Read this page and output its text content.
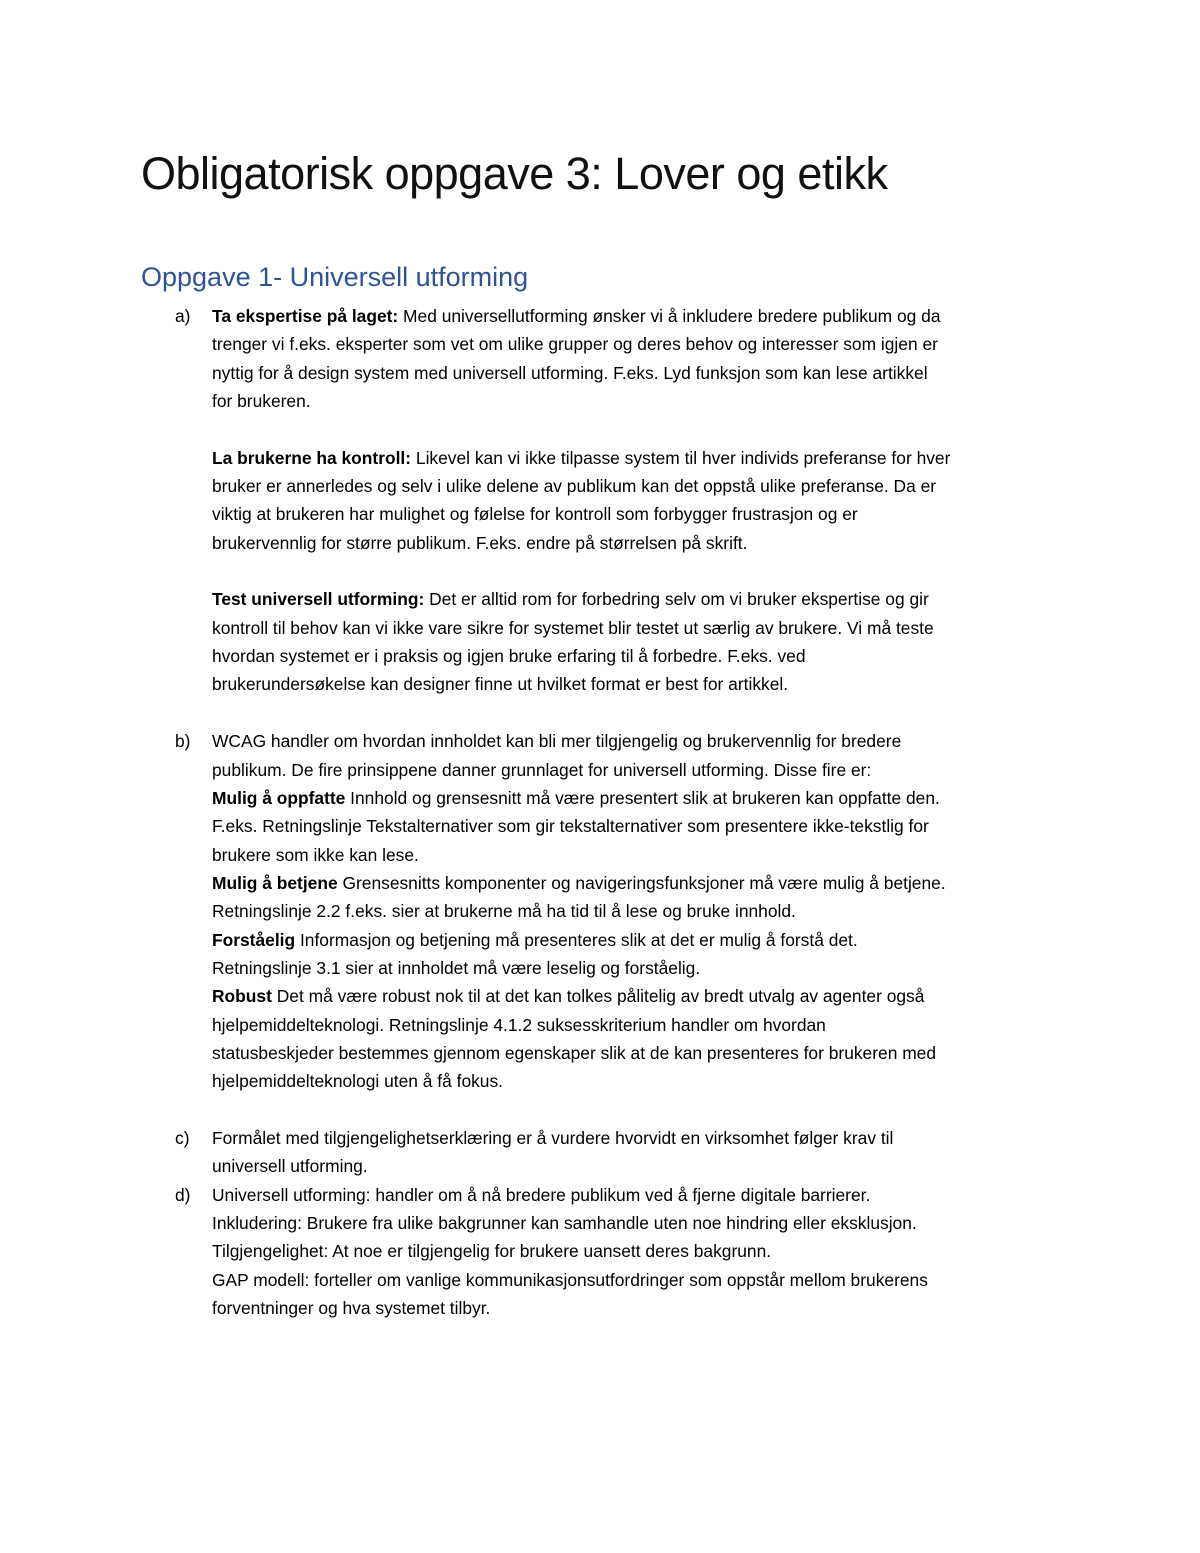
Obligatorisk oppgave 3: Lover og etikk
Oppgave 1- Universell utforming
a) Ta ekspertise på laget: Med universellutforming ønsker vi å inkludere bredere publikum og da
trenger vi f.eks. eksperter som vet om ulike grupper og deres behov og interesser som igjen er
nyttig for å design system med universell utforming. F.eks. Lyd funksjon som kan lese artikkel
for brukeren.
La brukerne ha kontroll: Likevel kan vi ikke tilpasse system til hver individs preferanse for hver
bruker er annerledes og selv i ulike delene av publikum kan det oppstå ulike preferanse. Da er
viktig at brukeren har mulighet og følelse for kontroll som forbygger frustrasjon og er
brukervennlig for større publikum. F.eks. endre på størrelsen på skrift.
Test universell utforming: Det er alltid rom for forbedring selv om vi bruker ekspertise og gir
kontroll til behov kan vi ikke vare sikre for systemet blir testet ut særlig av brukere. Vi må teste
hvordan systemet er i praksis og igjen bruke erfaring til å forbedre. F.eks. ved
brukerundersøkelse kan designer finne ut hvilket format er best for artikkel.
b) WCAG handler om hvordan innholdet kan bli mer tilgjengelig og brukervennlig for bredere
publikum. De fire prinsippene danner grunnlaget for universell utforming. Disse fire er:
Mulig å oppfatte Innhold og grensesnitt må være presentert slik at brukeren kan oppfatte den.
F.eks. Retningslinje Tekstalternativer som gir tekstalternativer som presentere ikke-tekstlig for
brukere som ikke kan lese.
Mulig å betjene Grensesnitts komponenter og navigeringsfunksjoner må være mulig å betjene.
Retningslinje 2.2 f.eks. sier at brukerne må ha tid til å lese og bruke innhold.
Forståelig Informasjon og betjening må presenteres slik at det er mulig å forstå det.
Retningslinje 3.1 sier at innholdet må være leselig og forståelig.
Robust Det må være robust nok til at det kan tolkes pålitelig av bredt utvalg av agenter også
hjelpemiddelteknologi. Retningslinje 4.1.2 suksesskriterium handler om hvordan
statusbeskjeder bestemmes gjennom egenskaper slik at de kan presenteres for brukeren med
hjelpemiddelteknologi uten å få fokus.
c) Formålet med tilgjengelighetserklæring er å vurdere hvorvidt en virksomhet følger krav til
universell utforming.
d) Universell utforming: handler om å nå bredere publikum ved å fjerne digitale barrierer.
Inkludering: Brukere fra ulike bakgrunner kan samhandle uten noe hindring eller eksklusjon.
Tilgjengelighet: At noe er tilgjengelig for brukere uansett deres bakgrunn.
GAP modell: forteller om vanlige kommunikasjonsutfordringer som oppstår mellom brukerens
forventninger og hva systemet tilbyr.
